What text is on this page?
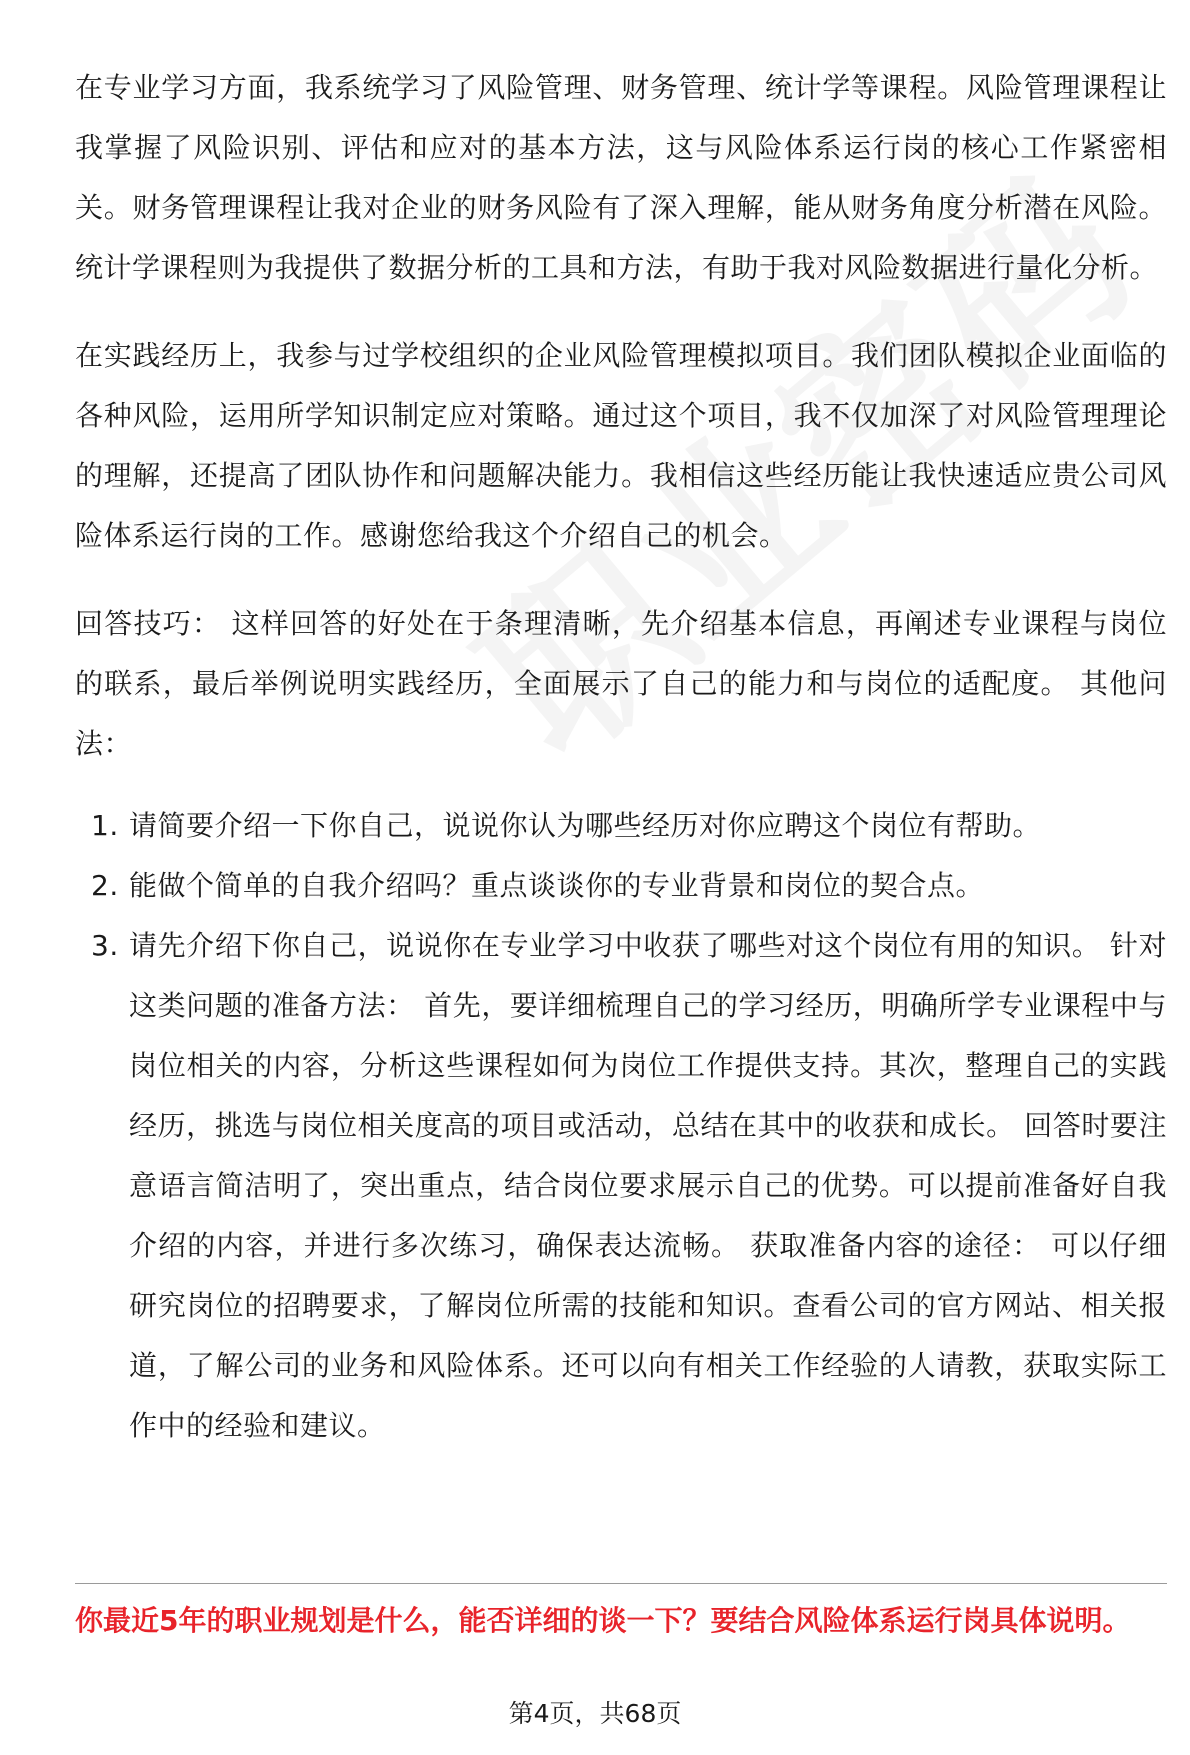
在专业学习方面，我系统学习了风险管理、财务管理、统计学等课程。风险管理课程让我掌握了风险识别、评估和应对的基本方法，这与风险体系运行岗的核心工作紧密相关。财务管理课程让我对企业的财务风险有了深入理解，能从财务角度分析潜在风险。统计学课程则为我提供了数据分析的工具和方法，有助于我对风险数据进行量化分析。

在实践经历上，我参与过学校组织的企业风险管理模拟项目。我们团队模拟企业面临的各种风险，运用所学知识制定应对策略。通过这个项目，我不仅加深了对风险管理理论的理解，还提高了团队协作和问题解决能力。我相信这些经历能让我快速适应贵公司风险体系运行岗的工作。感谢您给我这个介绍自己的机会。

回答技巧： 这样回答的好处在于条理清晰，先介绍基本信息，再阐述专业课程与岗位的联系，最后举例说明实践经历，全面展示了自己的能力和与岗位的适配度。 其他问法：

1. 请简要介绍一下你自己，说说你认为哪些经历对你应聘这个岗位有帮助。
2. 能做个简单的自我介绍吗？重点谈谈你的专业背景和岗位的契合点。
3. 请先介绍下你自己，说说你在专业学习中收获了哪些对这个岗位有用的知识。 针对这类问题的准备方法： 首先，要详细梳理自己的学习经历，明确所学专业课程中与岗位相关的内容，分析这些课程如何为岗位工作提供支持。其次，整理自己的实践经历，挑选与岗位相关度高的项目或活动，总结在其中的收获和成长。 回答时要注意语言简洁明了，突出重点，结合岗位要求展示自己的优势。可以提前准备好自我介绍的内容，并进行多次练习，确保表达流畅。 获取准备内容的途径： 可以仔细研究岗位的招聘要求，了解岗位所需的技能和知识。查看公司的官方网站、相关报道，了解公司的业务和风险体系。还可以向有相关工作经验的人请教，获取实际工作中的经验和建议。
你最近5年的职业规划是什么，能否详细的谈一下？要结合风险体系运行岗具体说明。
第4页，共68页
